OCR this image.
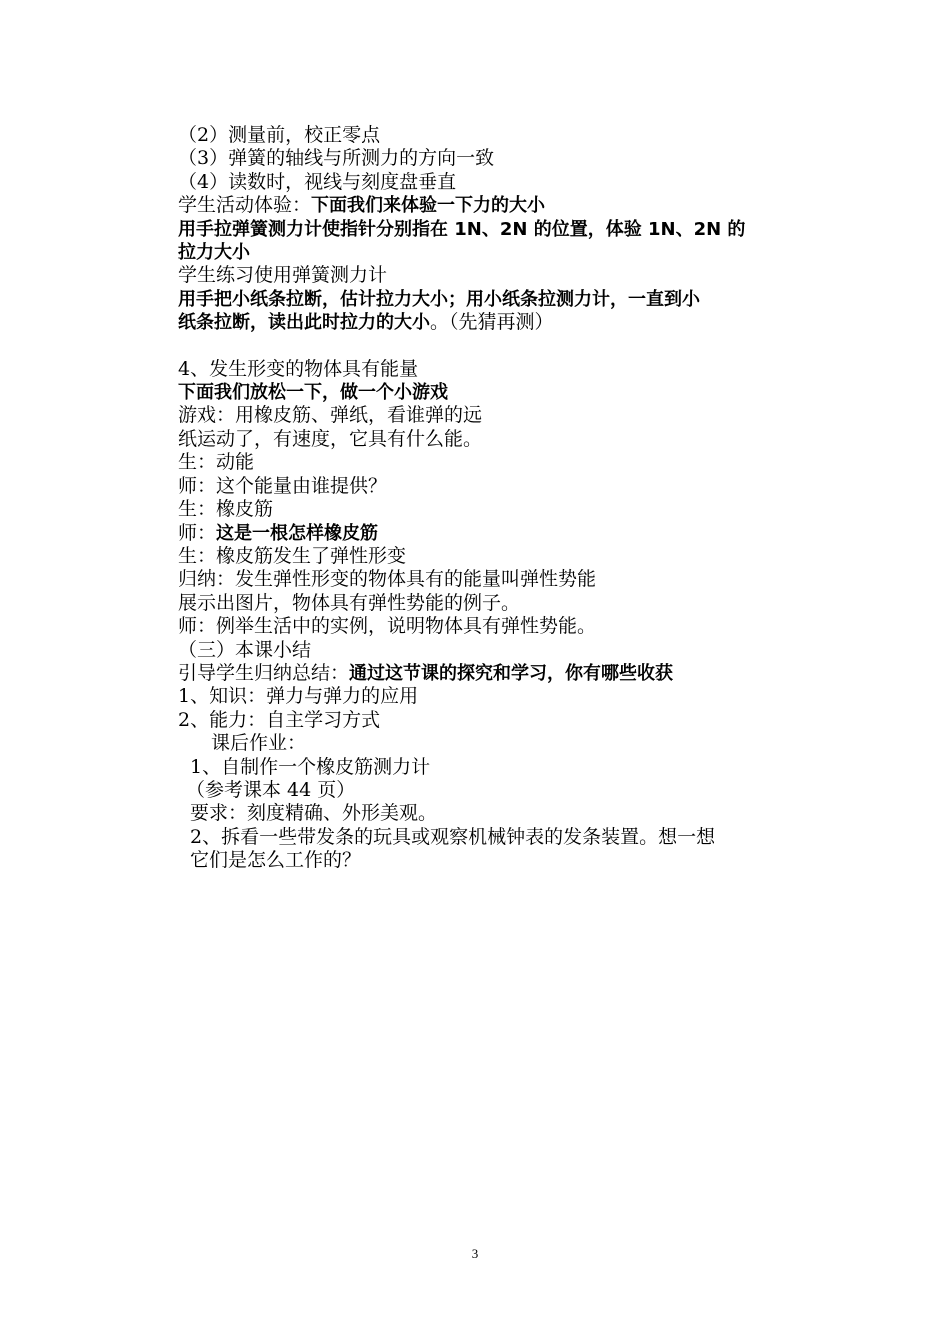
（2）测量前，校正零点
（3）弹簧的轴线与所测力的方向一致
（4）读数时，视线与刻度盘垂直
学生活动体验：下面我们来体验一下力的大小
用手拉弹簧测力计使指针分别指在 1N、2N 的位置，体验 1N、2N 的
拉力大小
学生练习使用弹簧测力计
用手把小纸条拉断，估计拉力大小；用小纸条拉测力计，一直到小
纸条拉断，读出此时拉力的大小。（先猜再测）
4、发生形变的物体具有能量
下面我们放松一下，做一个小游戏
游戏：用橡皮筋、弹纸，看谁弹的远
纸运动了，有速度，它具有什么能。
生：动能
师：这个能量由谁提供？
生：橡皮筋
师：这是一根怎样橡皮筋
生：橡皮筋发生了弹性形变
归纳：发生弹性形变的物体具有的能量叫弹性势能
展示出图片，物体具有弹性势能的例子。
师：例举生活中的实例，说明物体具有弹性势能。
（三）本课小结
引导学生归纳总结：通过这节课的探究和学习，你有哪些收获
1、知识：弹力与弹力的应用
2、能力：自主学习方式
课后作业：
1、自制作一个橡皮筋测力计
（参考课本 44 页）
要求：刻度精确、外形美观。
2、拆看一些带发条的玩具或观察机械钟表的发条装置。想一想
它们是怎么工作的？
3
